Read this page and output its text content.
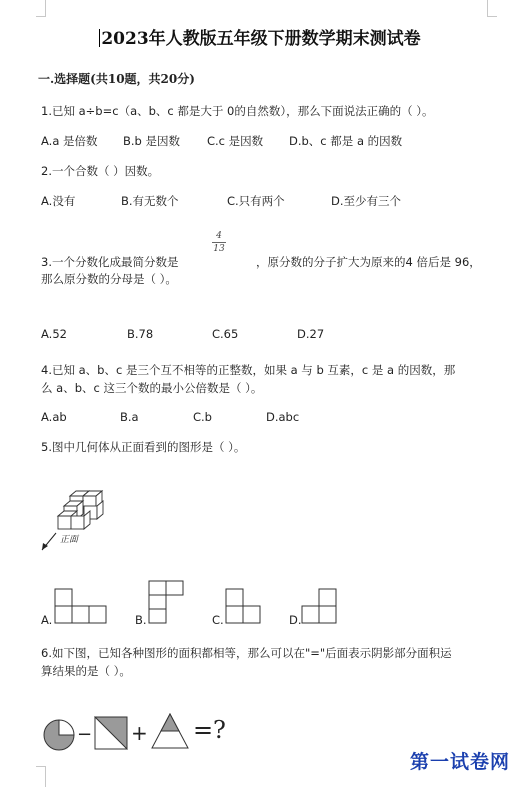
2023年人教版五年级下册数学期末测试卷
一.选择题(共10题，共20分)
1.已知 a÷b=c（a、b、c 都是大于 0的自然数），那么下面说法正确的（ ）。
A.a 是倍数 B.b 是因数 C.c 是因数 D.b、c 都是 a 的因数
2.一个合数（ ）因数。
A.没有	B.有无数个	C.只有两个	D.至少有三个
3.一个分数化成最简分数是
4
13
，原分数的分子扩大为原来的4 倍后是 96，
那么原分数的分母是（ ）。
A.52	B.78	C.65	D.27
4.已知 a、b、c 是三个互不相等的正整数，如果 a 与 b 互素，c 是 a 的因数，那
么 a、b、c 这三个数的最小公倍数是（ ）。
A.ab	B.a	C.b	D.abc
5.图中几何体从正面看到的图形是（ ）。
正面
A.	B.	C.	D.
6.如下图，已知各种图形的面积都相等，那么可以在"="后面表示阴影部分面积运
算结果的是（ ）。
− + = ?
第一试卷网
